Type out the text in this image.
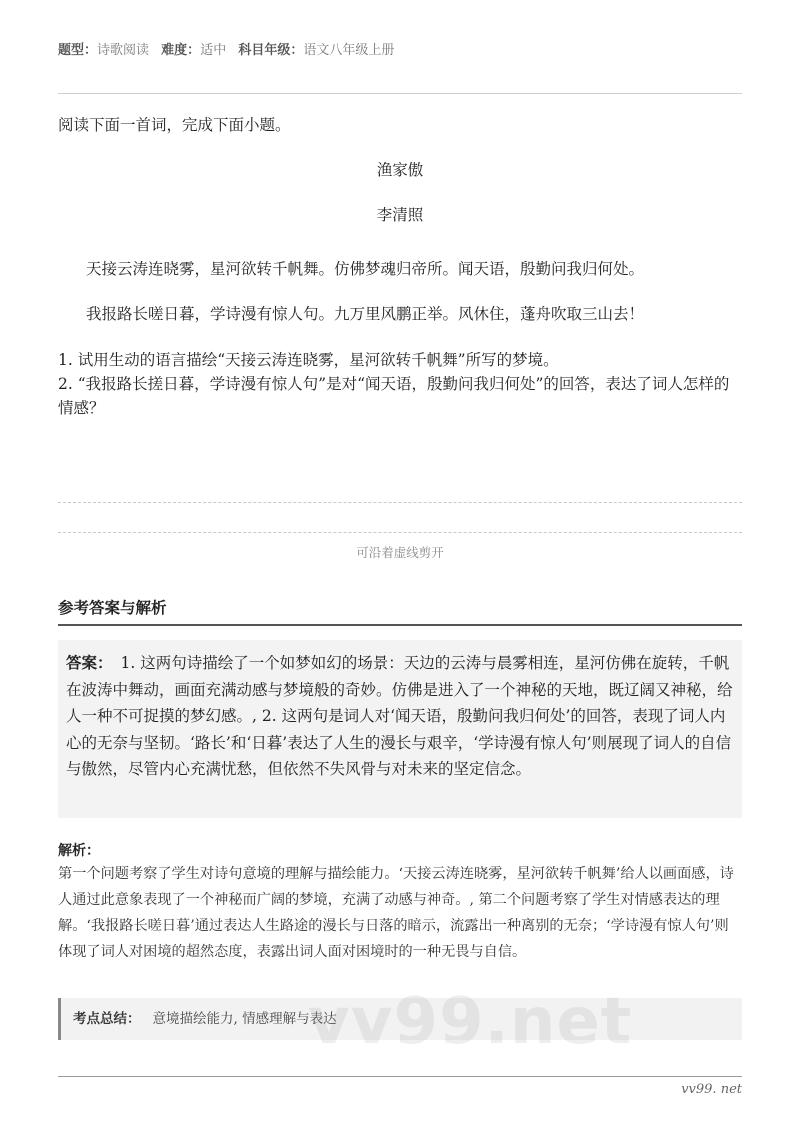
题型：诗歌阅读 难度：适中 科目年级：语文八年级上册
阅读下面一首词，完成下面小题。
渔家傲
李清照
天接云涛连晓雾，星河欲转千帆舞。仿佛梦魂归帝所。闻天语，殷勤问我归何处。
我报路长嗟日暮，学诗漫有惊人句。九万里风鹏正举。风休住，蓬舟吹取三山去！
1. 试用生动的语言描绘“天接云涛连晓雾，星河欲转千帆舞”所写的梦境。
2. “我报路长搓日暮，学诗漫有惊人句”是对“闻天语，殷勤问我归何处”的回答，表达了词人怎样的情感？
可沿着虚线剪开
参考答案与解析
答案： 1. 这两句诗描绘了一个如梦如幻的场景：天边的云涛与晨雾相连，星河仿佛在旋转，千帆在波涛中舞动，画面充满动感与梦境般的奇妙。仿佛是进入了一个神秘的天地，既辽阔又神秘，给人一种不可捉摸的梦幻感。, 2. 这两句是词人对‘闻天语，殷勤问我归何处’的回答，表现了词人内心的无奈与坚韧。‘路长’和‘日暮’表达了人生的漫长与艰辛，‘学诗漫有惊人句’则展现了词人的自信与傲然，尽管内心充满忧愁，但依然不失风骨与对未来的坚定信念。
解析：
第一个问题考察了学生对诗句意境的理解与描绘能力。‘天接云涛连晓雾，星河欲转千帆舞’给人以画面感，诗人通过此意象表现了一个神秘而广阔的梦境，充满了动感与神奇。, 第二个问题考察了学生对情感表达的理解。‘我报路长嗟日暮’通过表达人生路途的漫长与日落的暗示，流露出一种离别的无奈；‘学诗漫有惊人句’则体现了词人对困境的超然态度，表露出词人面对困境时的一种无畏与自信。
考点总结： 意境描绘能力, 情感理解与表达
vv99. net
